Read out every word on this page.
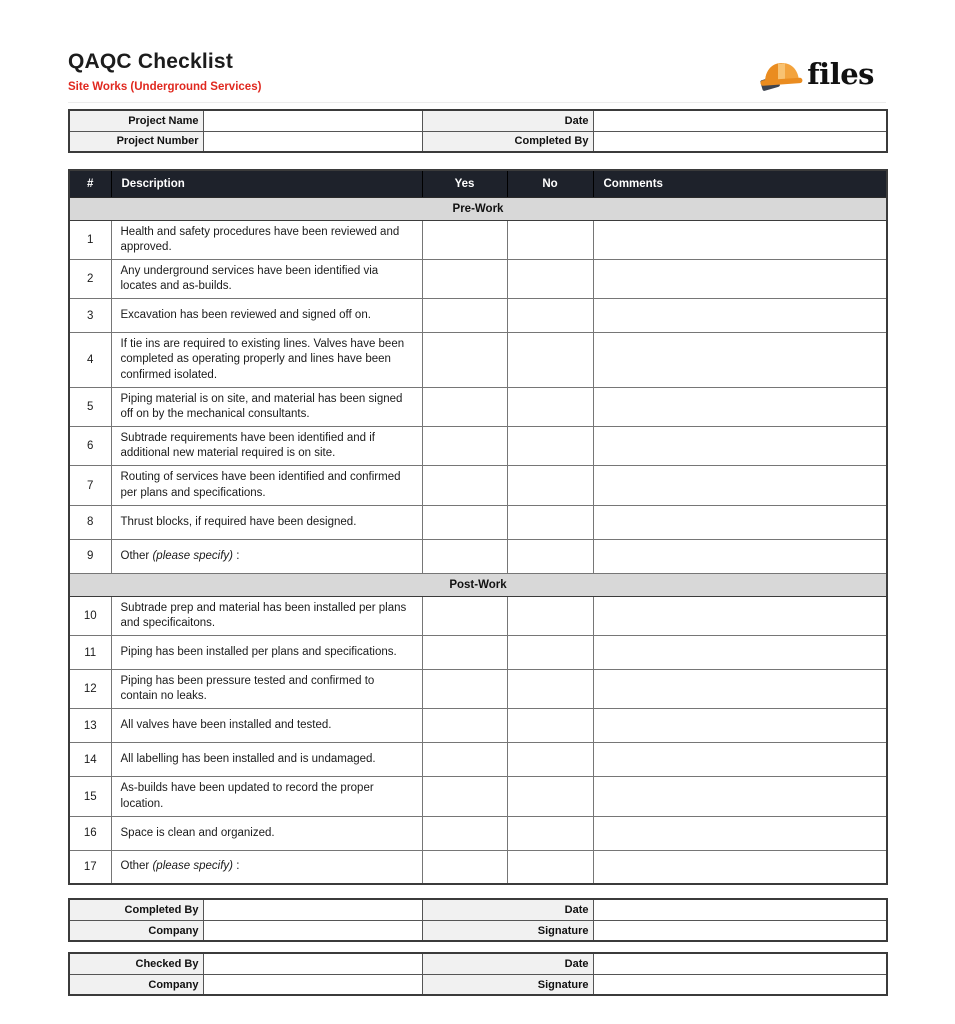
QAQC Checklist
Site Works (Underground Services)	files
Project Name		Date	
Project Number		Completed By	
#	Description	Yes	No	Comments
Pre-Work				
1	Health and safety procedures have been reviewed and approved.			
2	Any underground services have been identified via locates and as-builds.			
3	Excavation has been reviewed and signed off on.			
4	If tie ins are required to existing lines. Valves have been completed as operating properly and lines have been confirmed isolated.			
5	Piping material is on site, and material has been signed off on by the mechanical consultants.			
6	Subtrade requirements have been identified and if additional new material required is on site.			
7	Routing of services have been identified and confirmed per plans and specifications.			
8	Thrust blocks, if required have been designed.			
9	Other (please specify) :			
Post-Work				
10	Subtrade prep and material has been installed per plans and specificaitons.			
11	Piping has been installed per plans and specifications.			
12	Piping has been pressure tested and confirmed to contain no leaks.			
13	All valves have been installed and tested.			
14	All labelling has been installed and is undamaged.			
15	As-builds have been updated to record the proper location.			
16	Space is clean and organized.			
17	Other (please specify) :			
Completed By		Date	
Company		Signature	
Checked By		Date	
Company		Signature	
